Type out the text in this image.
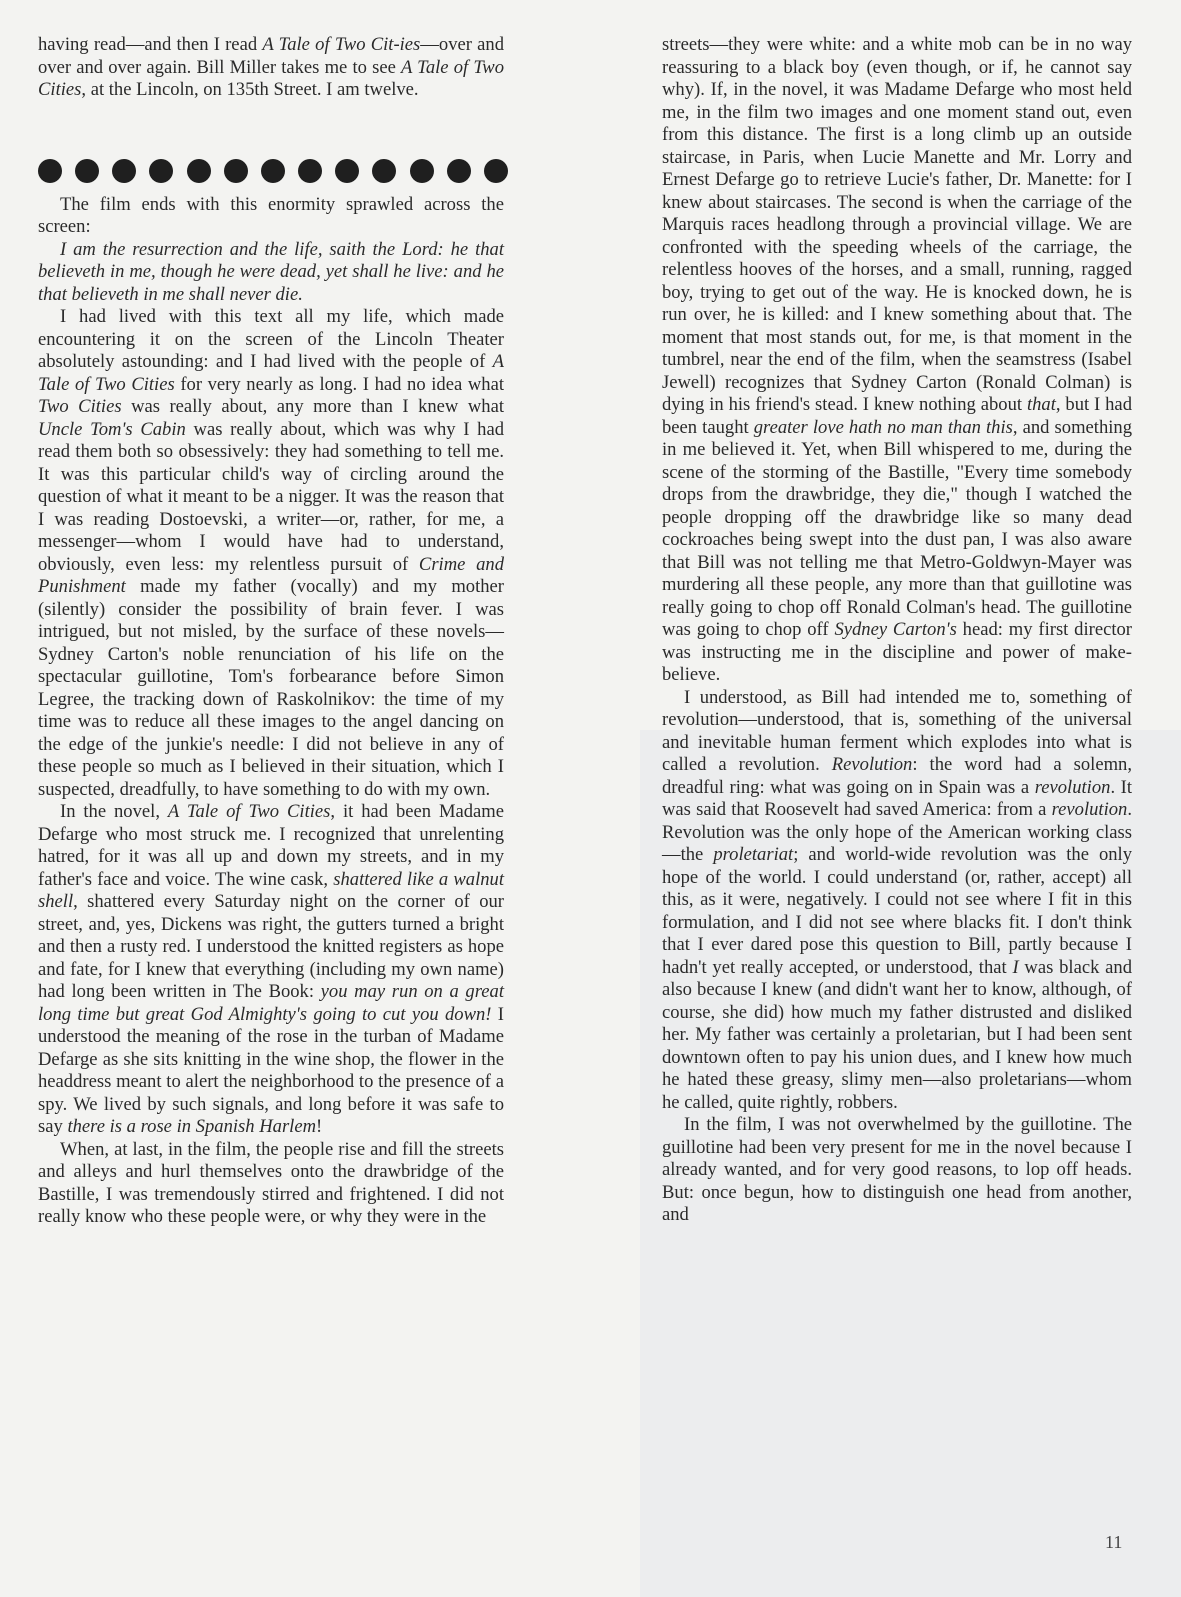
having read—and then I read A Tale of Two Cit-ies—over and over and over again. Bill Miller takes me to see A Tale of Two Cities, at the Lincoln, on 135th Street. I am twelve.

The film ends with this enormity sprawled across the screen:

I am the resurrection and the life, saith the Lord: he that believeth in me, though he were dead, yet shall he live: and he that believeth in me shall never die.

I had lived with this text all my life, which made encountering it on the screen of the Lincoln Theater absolutely astounding: and I had lived with the people of A Tale of Two Cities for very nearly as long. I had no idea what Two Cities was really about, any more than I knew what Uncle Tom's Cabin was really about, which was why I had read them both so obsessively: they had something to tell me. It was this particular child's way of circling around the question of what it meant to be a nigger. It was the reason that I was reading Dostoevski, a writer—or, rather, for me, a messenger—whom I would have had to understand, obviously, even less: my relentless pursuit of Crime and Punishment made my father (vocally) and my mother (silently) consider the possibility of brain fever. I was intrigued, but not misled, by the surface of these novels—Sydney Carton's noble renunciation of his life on the spectacular guillotine, Tom's forbearance before Simon Legree, the tracking down of Raskolnikov: the time of my time was to reduce all these images to the angel dancing on the edge of the junkie's needle: I did not believe in any of these people so much as I believed in their situation, which I suspected, dreadfully, to have something to do with my own.

In the novel, A Tale of Two Cities, it had been Madame Defarge who most struck me. I recognized that unrelenting hatred, for it was all up and down my streets, and in my father's face and voice. The wine cask, shattered like a walnut shell, shattered every Saturday night on the corner of our street, and, yes, Dickens was right, the gutters turned a bright and then a rusty red. I understood the knitted registers as hope and fate, for I knew that everything (including my own name) had long been written in The Book: you may run on a great long time but great God Almighty's going to cut you down! I understood the meaning of the rose in the turban of Madame Defarge as she sits knitting in the wine shop, the flower in the headdress meant to alert the neighborhood to the presence of a spy. We lived by such signals, and long before it was safe to say there is a rose in Spanish Harlem!

When, at last, in the film, the people rise and fill the streets and alleys and hurl themselves onto the drawbridge of the Bastille, I was tremendously stirred and frightened. I did not really know who these people were, or why they were in the

streets—they were white: and a white mob can be in no way reassuring to a black boy (even though, or if, he cannot say why). If, in the novel, it was Madame Defarge who most held me, in the film two images and one moment stand out, even from this distance. The first is a long climb up an outside staircase, in Paris, when Lucie Manette and Mr. Lorry and Ernest Defarge go to retrieve Lucie's father, Dr. Manette: for I knew about staircases. The second is when the carriage of the Marquis races headlong through a provincial village. We are confronted with the speeding wheels of the carriage, the relentless hooves of the horses, and a small, running, ragged boy, trying to get out of the way. He is knocked down, he is run over, he is killed: and I knew something about that. The moment that most stands out, for me, is that moment in the tumbrel, near the end of the film, when the seamstress (Isabel Jewell) recognizes that Sydney Carton (Ronald Colman) is dying in his friend's stead. I knew nothing about that, but I had been taught greater love hath no man than this, and something in me believed it. Yet, when Bill whispered to me, during the scene of the storming of the Bastille, "Every time somebody drops from the drawbridge, they die," though I watched the people dropping off the drawbridge like so many dead cockroaches being swept into the dust pan, I was also aware that Bill was not telling me that Metro-Goldwyn-Mayer was murdering all these people, any more than that guillotine was really going to chop off Ronald Colman's head. The guillotine was going to chop off Sydney Carton's head: my first director was instructing me in the discipline and power of make-believe.

I understood, as Bill had intended me to, something of revolution—understood, that is, something of the universal and inevitable human ferment which explodes into what is called a revolution. Revolution: the word had a solemn, dreadful ring: what was going on in Spain was a revolution. It was said that Roosevelt had saved America: from a revolution. Revolution was the only hope of the American working class—the proletariat; and world-wide revolution was the only hope of the world. I could understand (or, rather, accept) all this, as it were, negatively. I could not see where I fit in this formulation, and I did not see where blacks fit. I don't think that I ever dared pose this question to Bill, partly because I hadn't yet really accepted, or understood, that I was black and also because I knew (and didn't want her to know, although, of course, she did) how much my father distrusted and disliked her. My father was certainly a proletarian, but I had been sent downtown often to pay his union dues, and I knew how much he hated these greasy, slimy men—also proletarians—whom he called, quite rightly, robbers.

In the film, I was not overwhelmed by the guillotine. The guillotine had been very present for me in the novel because I already wanted, and for very good reasons, to lop off heads. But: once begun, how to distinguish one head from another, and

11
